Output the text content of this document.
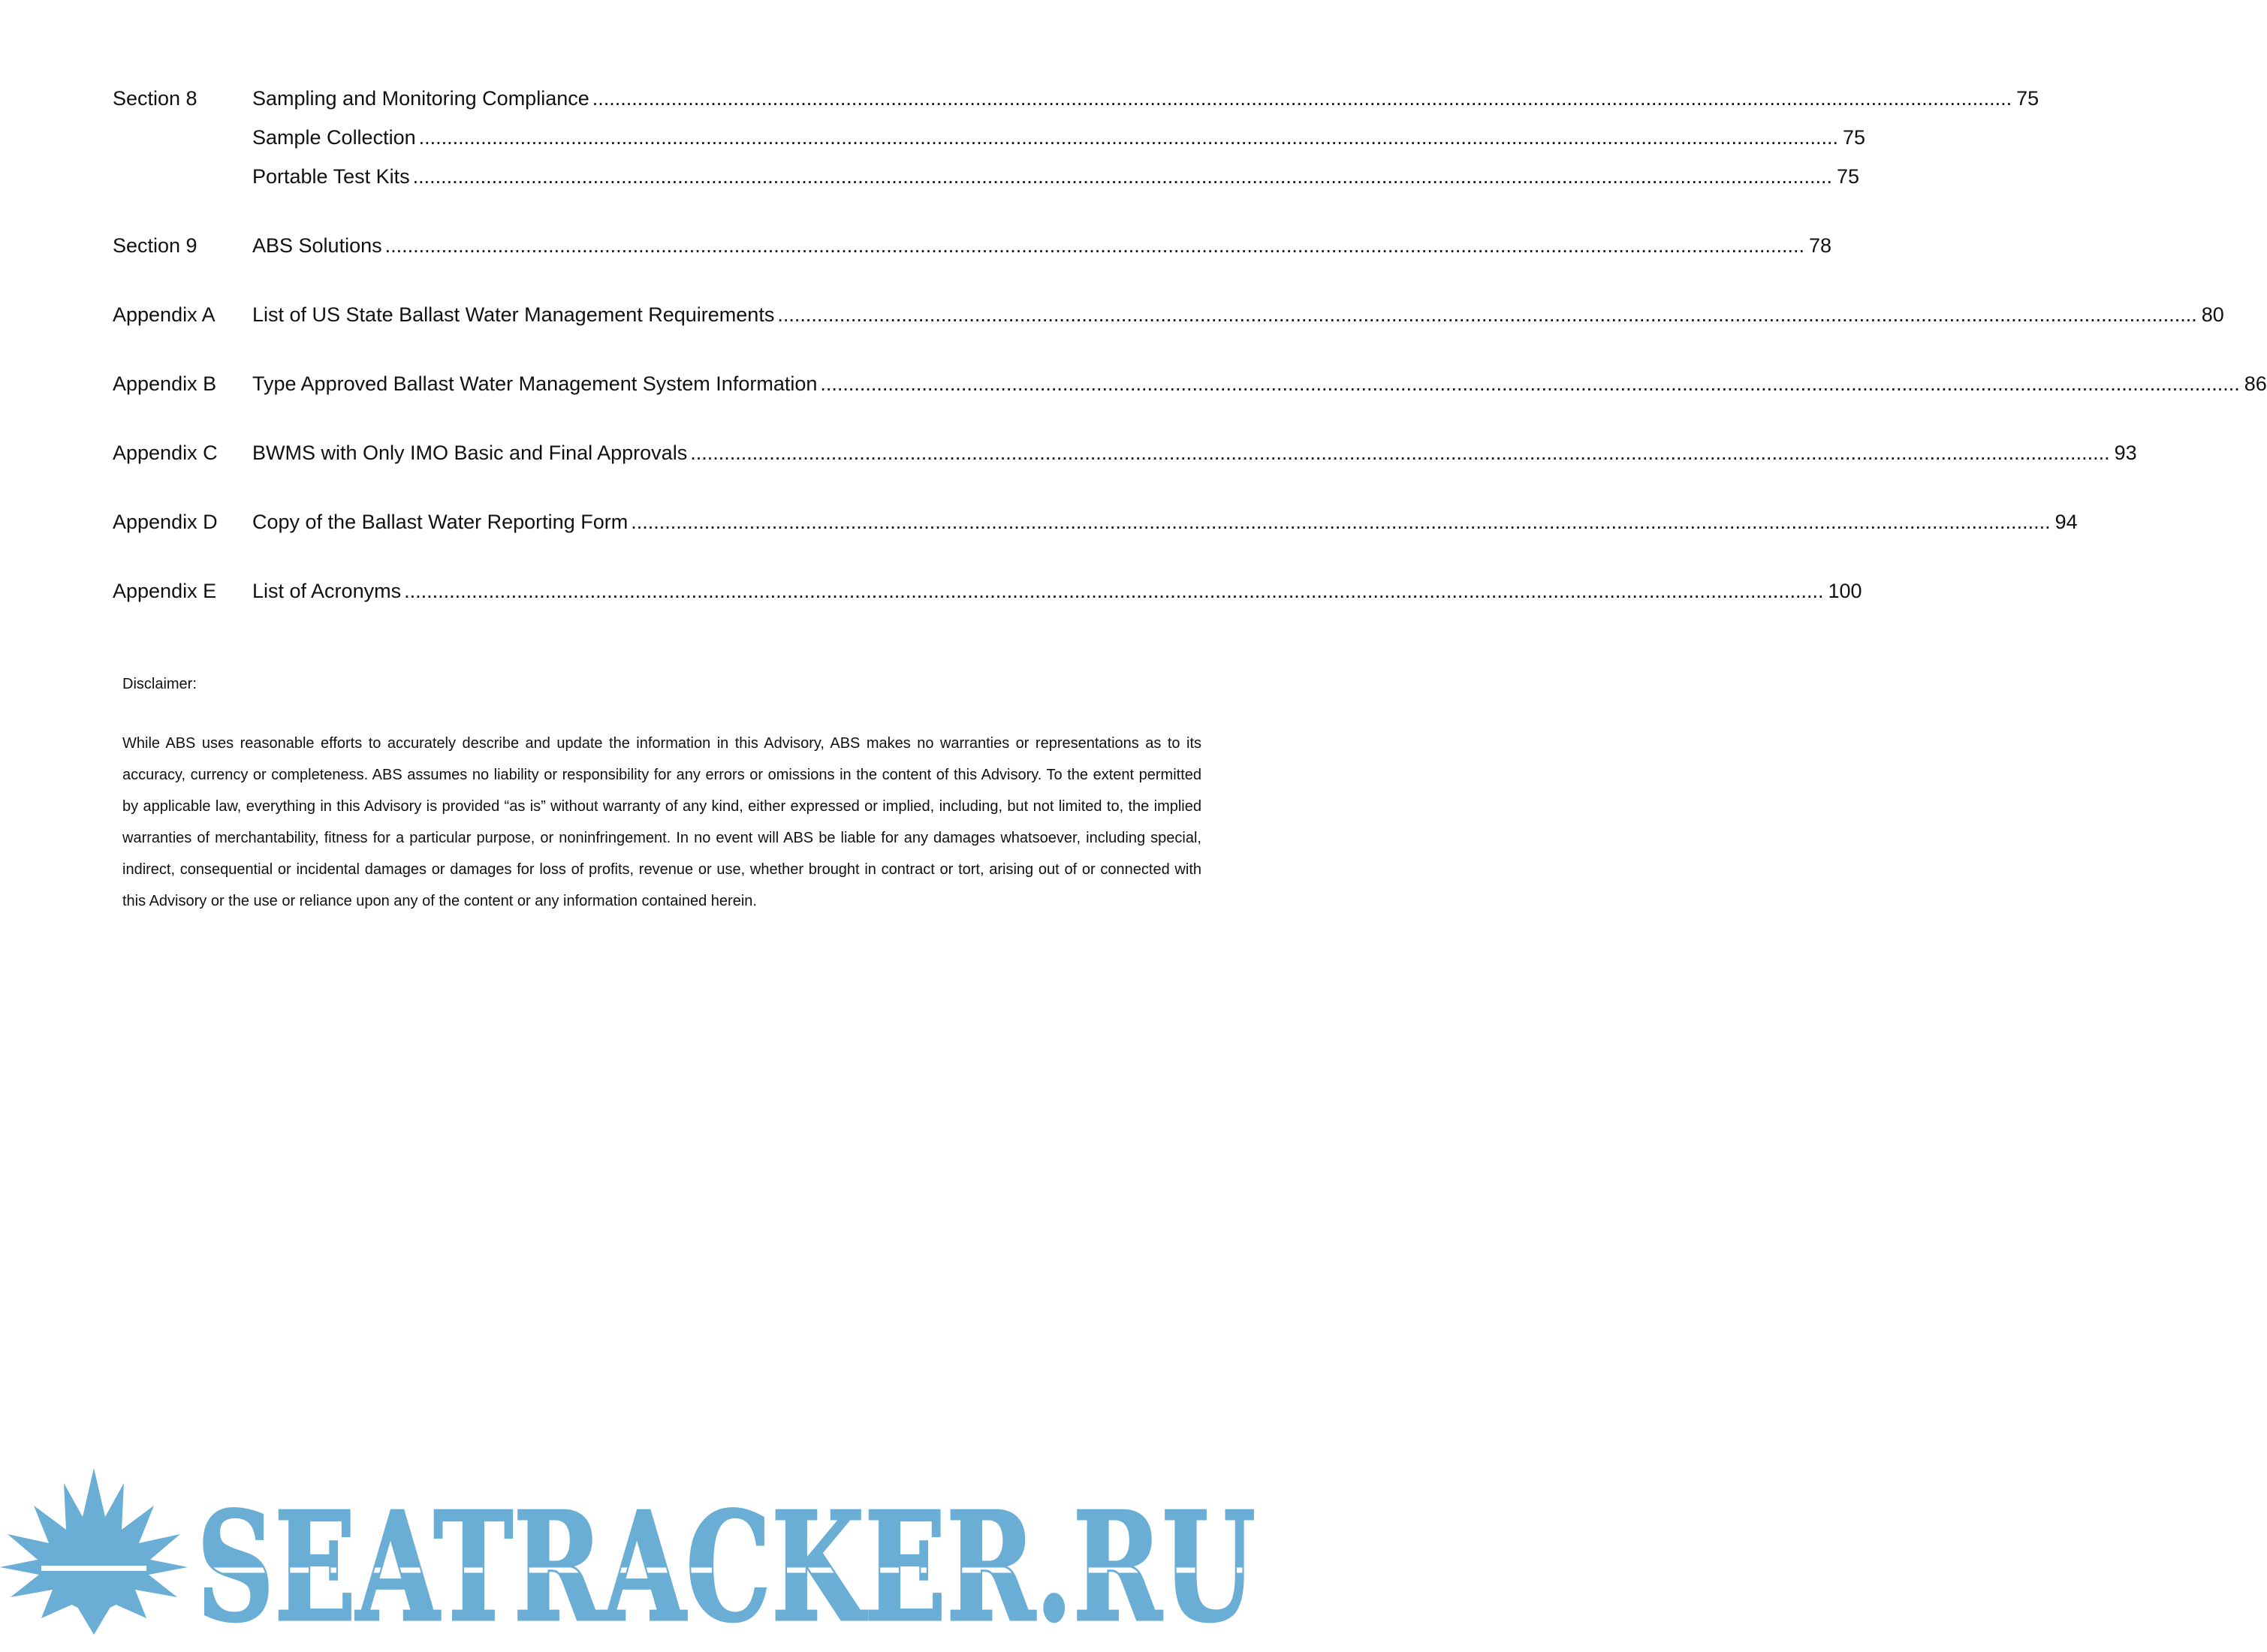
Section 8	Sampling and Monitoring Compliance .....	75
Sample Collection .....	75
Portable Test Kits .....	75
Section 9	ABS Solutions .....	78
Appendix A	List of US State Ballast Water Management Requirements .....	80
Appendix B	Type Approved Ballast Water Management System Information .....	86
Appendix C	BWMS with Only IMO Basic and Final Approvals .....	93
Appendix D	Copy of the Ballast Water Reporting Form .....	94
Appendix E	List of Acronyms .....	100

Disclaimer:

While ABS uses reasonable efforts to accurately describe and update the information in this Advisory, ABS makes no warranties or representations as to its accuracy, currency or completeness. ABS assumes no liability or responsibility for any errors or omissions in the content of this Advisory. To the extent permitted by applicable law, everything in this Advisory is provided “as is” without warranty of any kind, either expressed or implied, including, but not limited to, the implied warranties of merchantability, fitness for a particular purpose, or noninfringement. In no event will ABS be liable for any damages whatsoever, including special, indirect, consequential or incidental damages or damages for loss of profits, revenue or use, whether brought in contract or tort, arising out of or connected with this Advisory or the use or reliance upon any of the content or any information contained herein.

SEATRACKER.RU
